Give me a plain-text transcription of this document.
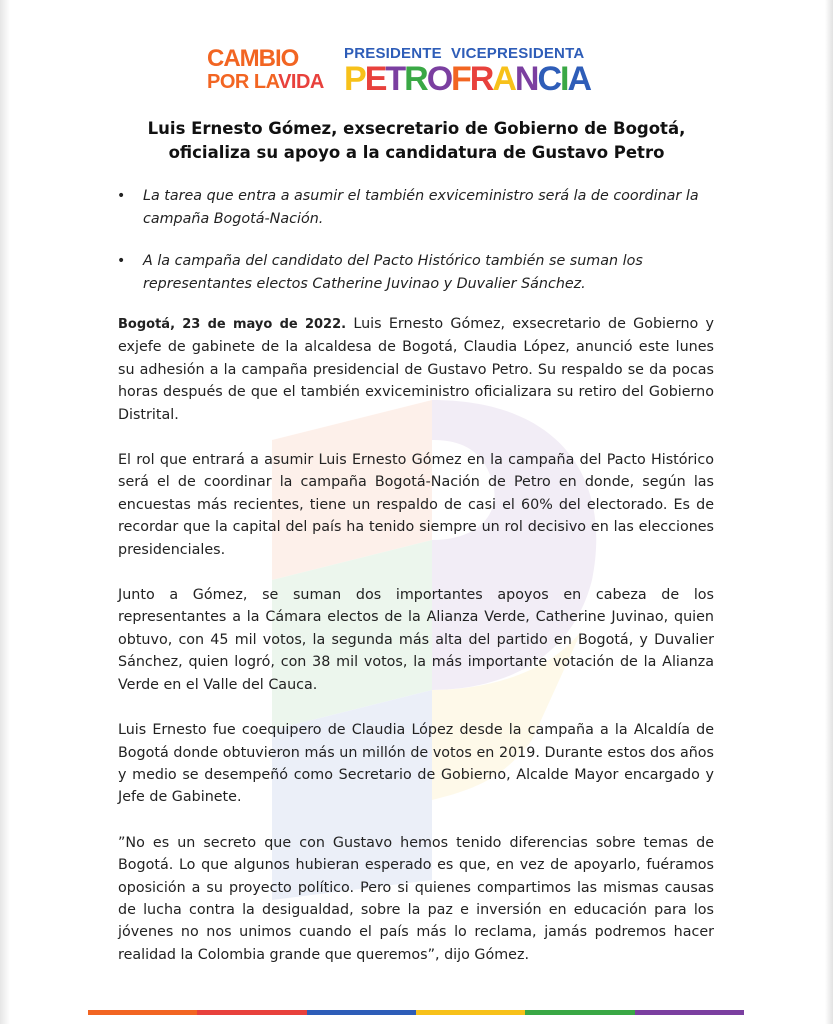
CAMBIO
POR LAVIDA
PRESIDENTE VICEPRESIDENTA
PETRO FRANCIA
Luis Ernesto Gómez, exsecretario de Gobierno de Bogotá,
oficializa su apoyo a la candidatura de Gustavo Petro
• La tarea que entra a asumir el también exviceministro será la de coordinar la campaña Bogotá-Nación.
• A la campaña del candidato del Pacto Histórico también se suman los representantes electos Catherine Juvinao y Duvalier Sánchez.

Bogotá, 23 de mayo de 2022. Luis Ernesto Gómez, exsecretario de Gobierno y exjefe de gabinete de la alcaldesa de Bogotá, Claudia López, anunció este lunes su adhesión a la campaña presidencial de Gustavo Petro. Su respaldo se da pocas horas después de que el también exviceministro oficializara su retiro del Gobierno Distrital.

El rol que entrará a asumir Luis Ernesto Gómez en la campaña del Pacto Histórico será el de coordinar la campaña Bogotá-Nación de Petro en donde, según las encuestas más recientes, tiene un respaldo de casi el 60% del electorado. Es de recordar que la capital del país ha tenido siempre un rol decisivo en las elecciones presidenciales.

Junto a Gómez, se suman dos importantes apoyos en cabeza de los representantes a la Cámara electos de la Alianza Verde, Catherine Juvinao, quien obtuvo, con 45 mil votos, la segunda más alta del partido en Bogotá, y Duvalier Sánchez, quien logró, con 38 mil votos, la más importante votación de la Alianza Verde en el Valle del Cauca.

Luis Ernesto fue coequipero de Claudia López desde la campaña a la Alcaldía de Bogotá donde obtuvieron más un millón de votos en 2019. Durante estos dos años y medio se desempeñó como Secretario de Gobierno, Alcalde Mayor encargado y Jefe de Gabinete.

”No es un secreto que con Gustavo hemos tenido diferencias sobre temas de Bogotá. Lo que algunos hubieran esperado es que, en vez de apoyarlo, fuéramos oposición a su proyecto político. Pero si quienes compartimos las mismas causas de lucha contra la desigualdad, sobre la paz e inversión en educación para los jóvenes no nos unimos cuando el país más lo reclama, jamás podremos hacer realidad la Colombia grande que queremos”, dijo Gómez.
